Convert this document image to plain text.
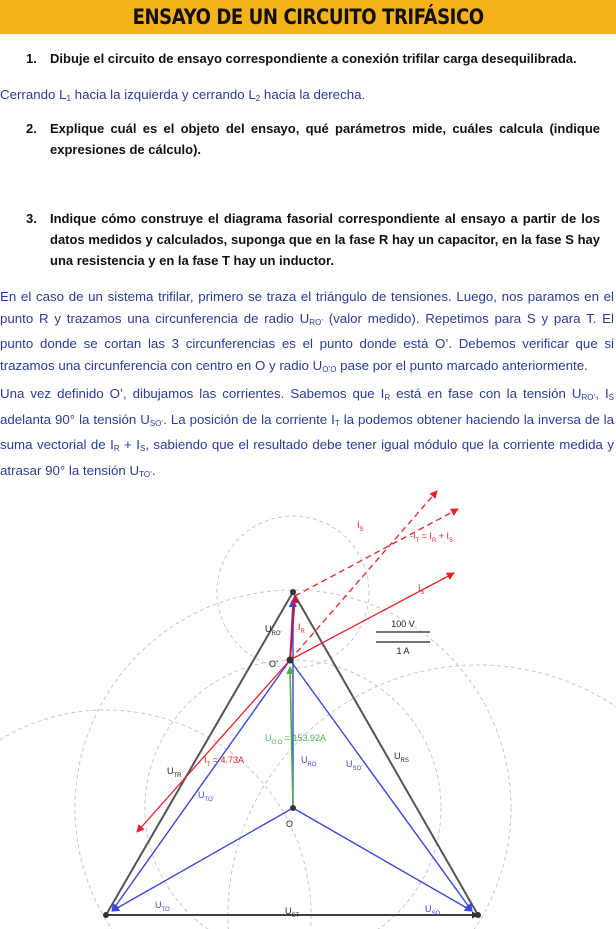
ENSAYO DE UN CIRCUITO TRIFÁSICO
1.	Dibuje el circuito de ensayo correspondiente a conexión trifilar carga desequilibrada.
Cerrando $L_1$ hacia la izquierda y cerrando $L_2$ hacia la derecha.
2.	Explique cuál es el objeto del ensayo, qué parámetros mide, cuáles calcula (indique expresiones de cálculo).
3.	Indique cómo construye el diagrama fasorial correspondiente al ensayo a partir de los datos medidos y calculados, suponga que en la fase R hay un capacitor, en la fase S hay una resistencia y en la fase T hay un inductor.
En el caso de un sistema trifilar, primero se traza el triángulo de tensiones. Luego, nos paramos en el punto R y trazamos una circunferencia de radio $U_{RO’}$ (valor medido). Repetimos para S y para T. El punto donde se cortan las 3 circunferencias es el punto donde está O’. Debemos verificar que si trazamos una circunferencia con centro en O y radio $U_{O’O}$ pase por el punto marcado anteriormente.
Una vez definido O’, dibujamos las corrientes. Sabemos que $I_R$ está en fase con la tensión $U_{RO’}$, $I_S$ adelanta 90° la tensión $U_{SO’}$. La posición de la corriente $I_T$ la podemos obtener haciendo la inversa de la suma vectorial de $I_R + I_S$, sabiendo que el resultado debe tener igual módulo que la corriente medida y atrasar 90° la tensión $U_{TO’}$.
100 V
1 A
$I_S$
$-I_T = I_R + I_S$
$I_S$
$I_R$
$U_{RO’}$
O’
$U_{O’O} = 153.92A$
$U_{RO}$	$U_{SO’}$
$U_{RS}$
$U_{TR}$
$I_T = 4.73A$
$U_{TO’}$
O
$U_{TO}$	$U_{ST}$
$U_{SO}$
